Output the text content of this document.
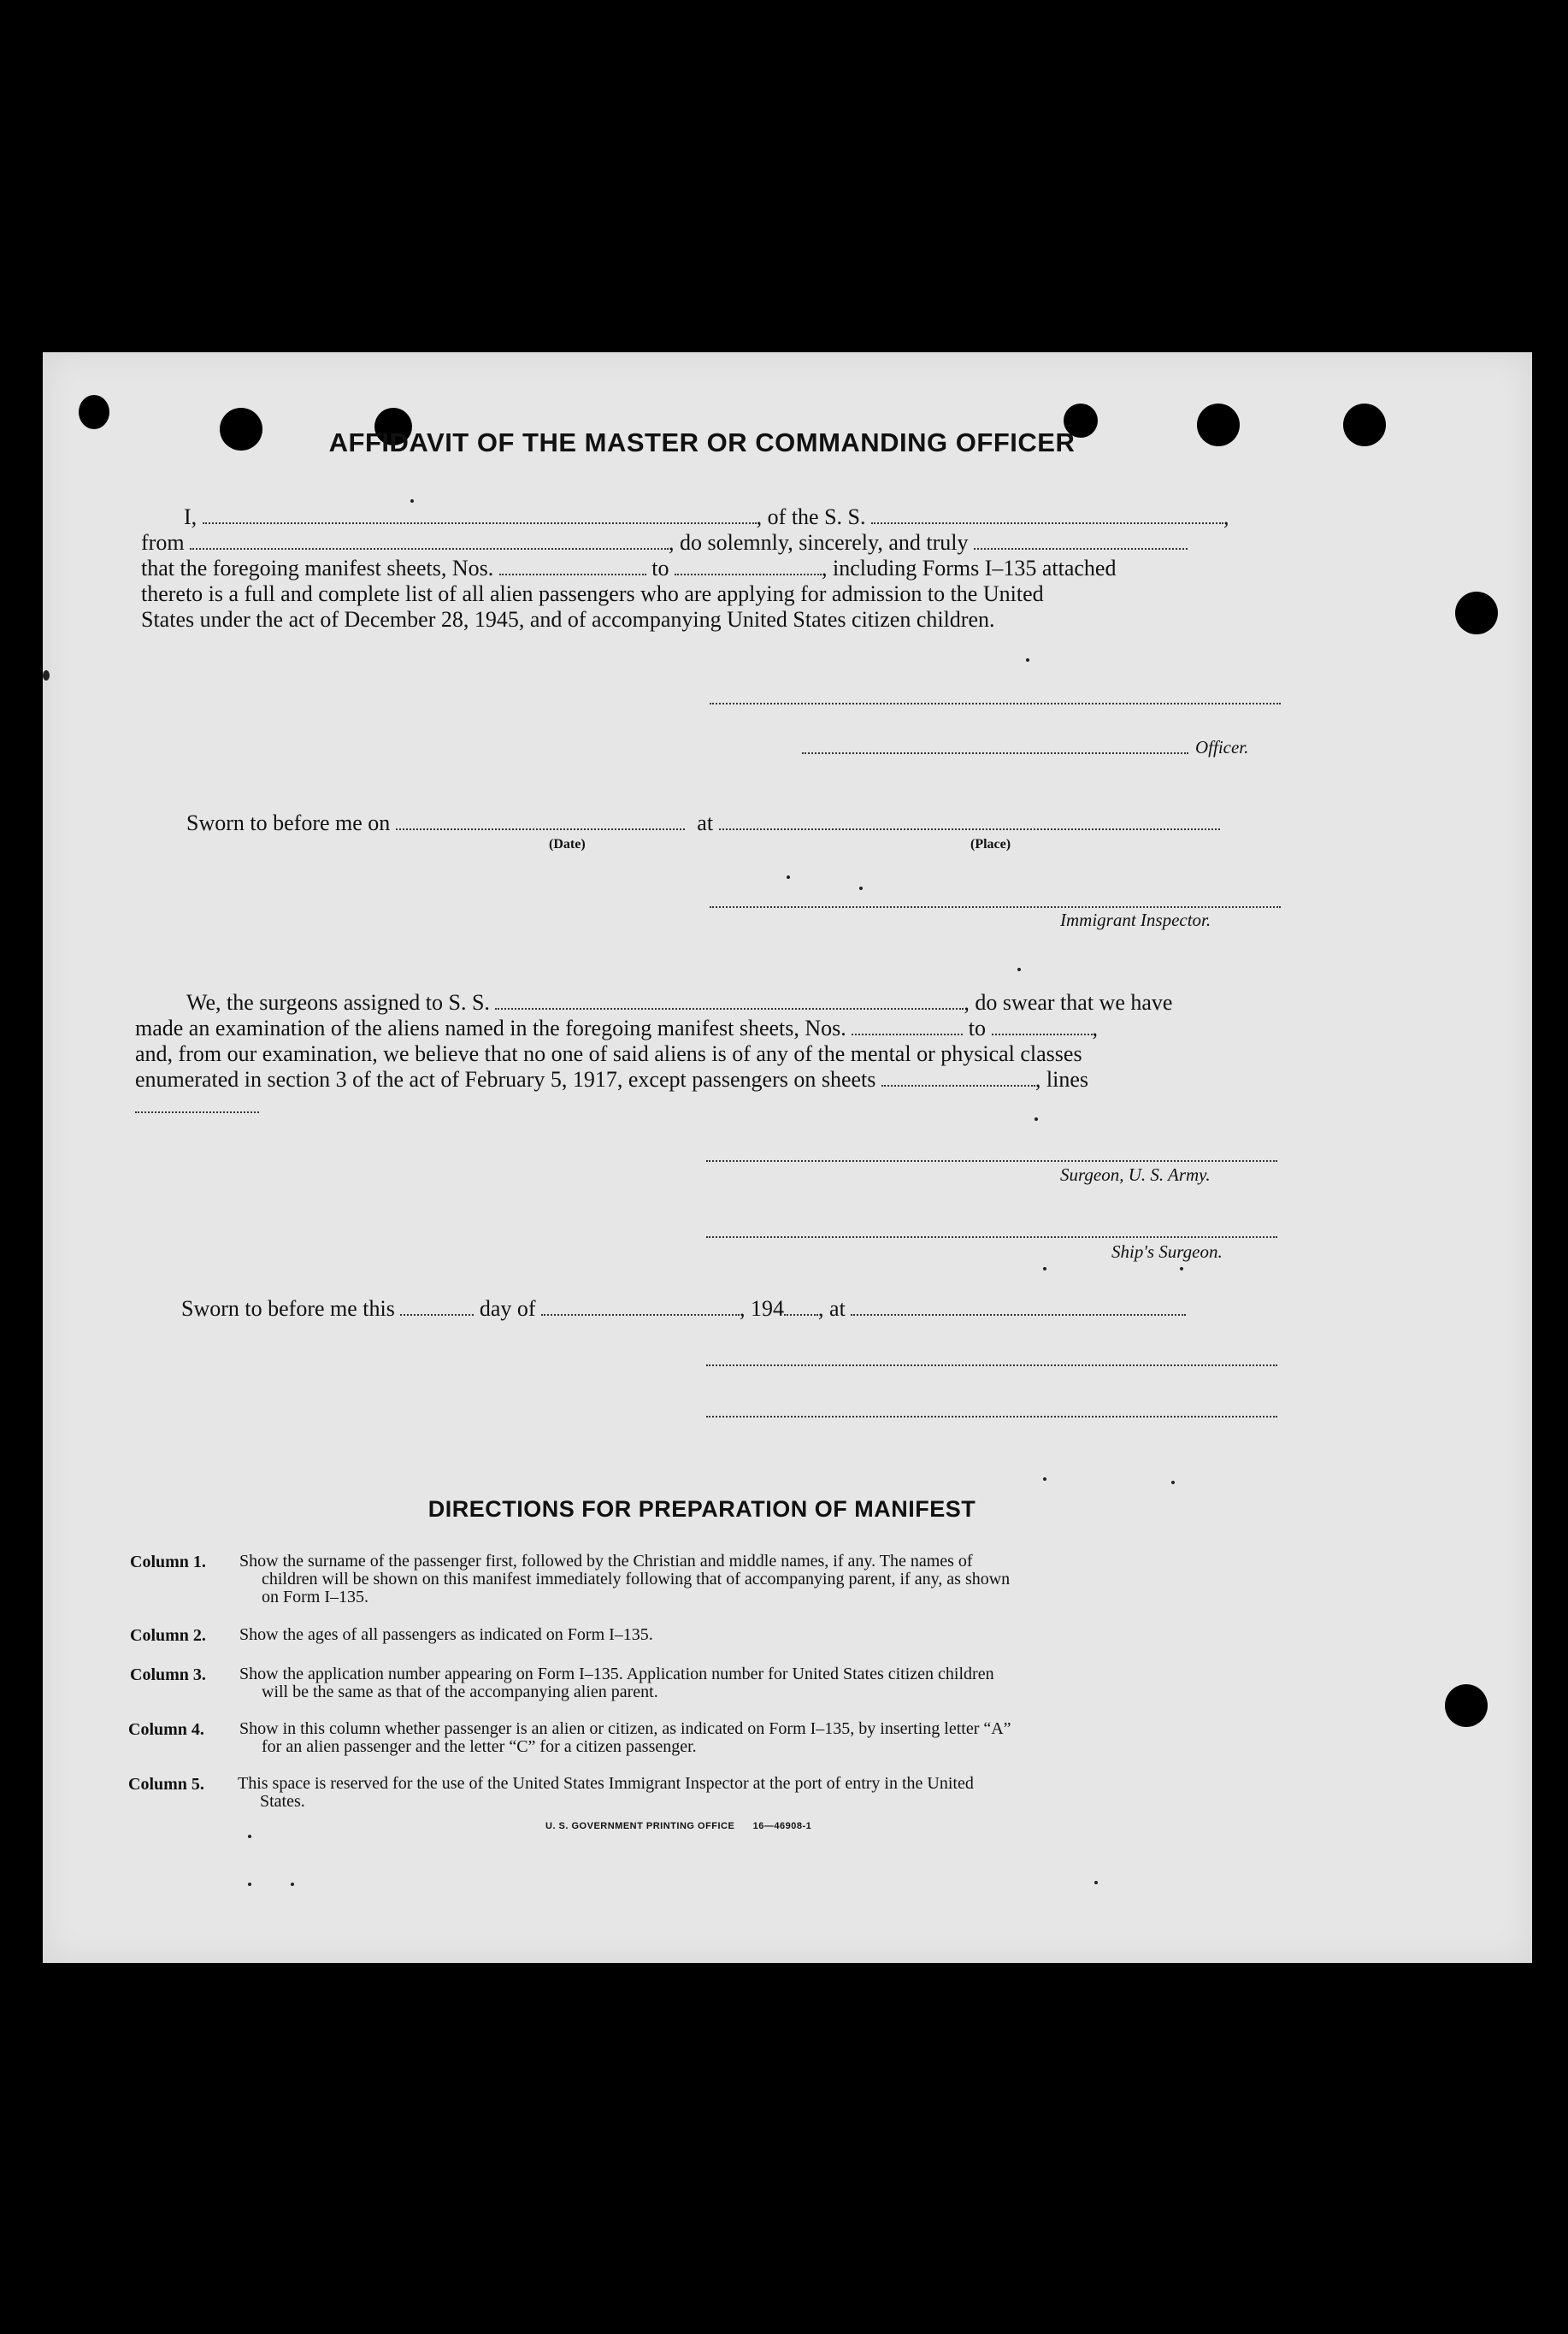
AFFIDAVIT OF THE MASTER OR COMMANDING OFFICER
I,	, of the S. S.	,
from	, do solemnly, sincerely, and truly
that the foregoing manifest sheets, Nos.	to	, including Forms I–135 attached
thereto is a full and complete list of all alien passengers who are applying for admission to the United
States under the act of December 28, 1945, and of accompanying United States citizen children.
Officer.
Sworn to before me on	at
(Date)	(Place)
Immigrant Inspector.
We, the surgeons assigned to S. S.	, do swear that we have
made an examination of the aliens named in the foregoing manifest sheets, Nos.	to	,
and, from our examination, we believe that no one of said aliens is of any of the mental or physical classes
enumerated in section 3 of the act of February 5, 1917, except passengers on sheets	, lines
Surgeon, U. S. Army.
Ship's Surgeon.
Sworn to before me this	day of	, 194 , at
DIRECTIONS FOR PREPARATION OF MANIFEST
Column 1. Show the surname of the passenger first, followed by the Christian and middle names, if any. The names of
children will be shown on this manifest immediately following that of accompanying parent, if any, as shown
on Form I–135.
Column 2. Show the ages of all passengers as indicated on Form I–135.
Column 3. Show the application number appearing on Form I–135. Application number for United States citizen children
will be the same as that of the accompanying alien parent.
Column 4. Show in this column whether passenger is an alien or citizen, as indicated on Form I–135, by inserting letter “A”
for an alien passenger and the letter “C” for a citizen passenger.
Column 5. This space is reserved for the use of the United States Immigrant Inspector at the port of entry in the United
States.
U. S. GOVERNMENT PRINTING OFFICE      16—46908-1
